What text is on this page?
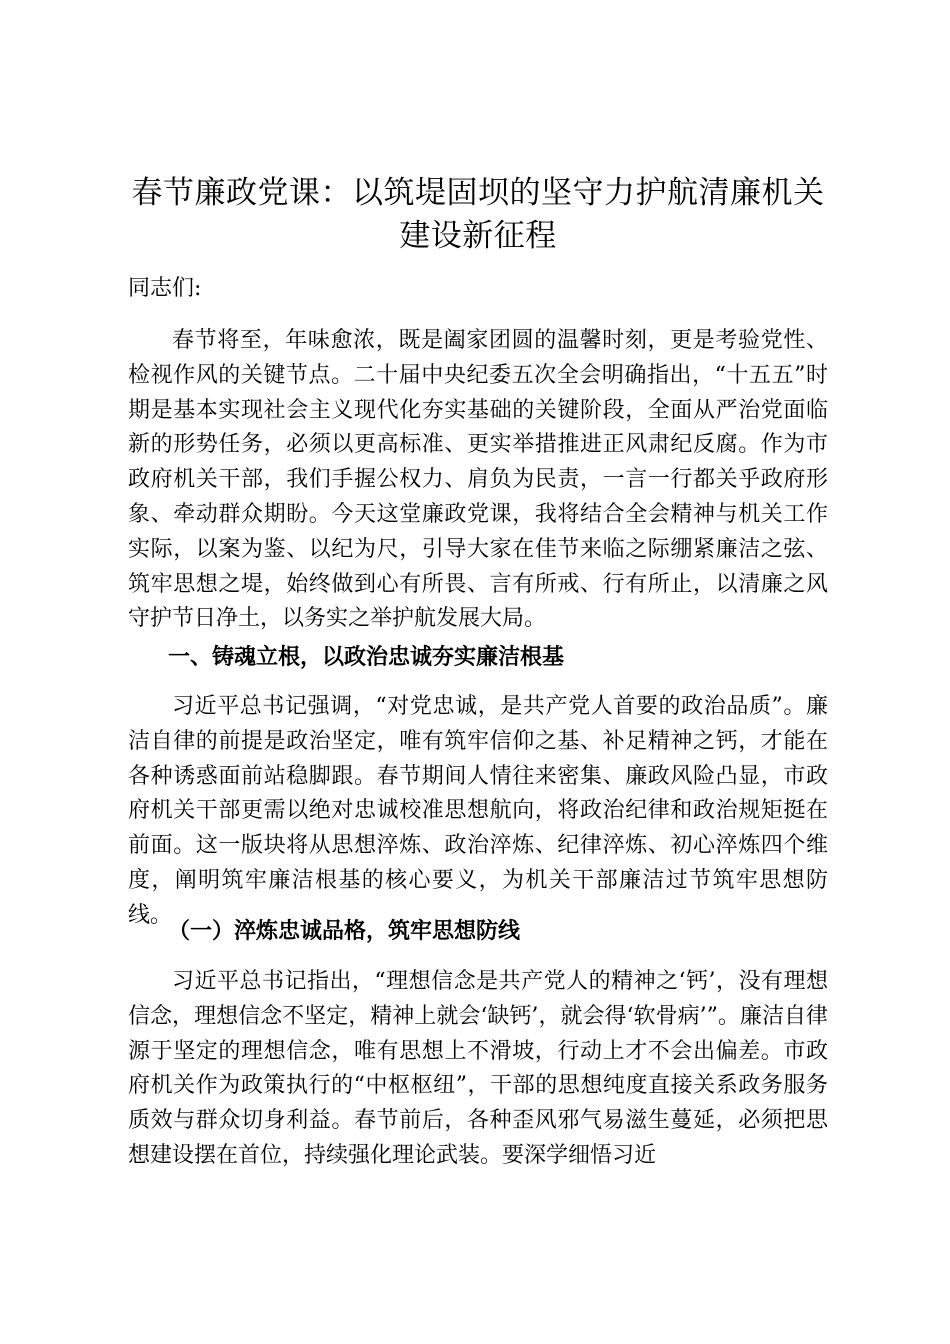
春节廉政党课：以筑堤固坝的坚守力护航清廉机关建设新征程

同志们:

春节将至，年味愈浓，既是阖家团圆的温馨时刻，更是考验党性、检视作风的关键节点。二十届中央纪委五次全会明确指出，“十五五”时期是基本实现社会主义现代化夯实基础的关键阶段，全面从严治党面临新的形势任务，必须以更高标准、更实举措推进正风肃纪反腐。作为市政府机关干部，我们手握公权力、肩负为民责，一言一行都关乎政府形象、牵动群众期盼。今天这堂廉政党课，我将结合全会精神与机关工作实际，以案为鉴、以纪为尺，引导大家在佳节来临之际绷紧廉洁之弦、筑牢思想之堤，始终做到心有所畏、言有所戒、行有所止，以清廉之风守护节日净土，以务实之举护航发展大局。

一、铸魂立根，以政治忠诚夯实廉洁根基

习近平总书记强调，“对党忠诚，是共产党人首要的政治品质”。廉洁自律的前提是政治坚定，唯有筑牢信仰之基、补足精神之钙，才能在各种诱惑面前站稳脚跟。春节期间人情往来密集、廉政风险凸显，市政府机关干部更需以绝对忠诚校准思想航向，将政治纪律和政治规矩挺在前面。这一版块将从思想淬炼、政治淬炼、纪律淬炼、初心淬炼四个维度，阐明筑牢廉洁根基的核心要义，为机关干部廉洁过节筑牢思想防线。

（一）淬炼忠诚品格，筑牢思想防线

习近平总书记指出，“理想信念是共产党人的精神之‘钙’，没有理想信念，理想信念不坚定，精神上就会‘缺钙’，就会得‘软骨病’”。廉洁自律源于坚定的理想信念，唯有思想上不滑坡，行动上才不会出偏差。市政府机关作为政策执行的“中枢枢纽”，干部的思想纯度直接关系政务服务质效与群众切身利益。春节前后，各种歪风邪气易滋生蔓延，必须把思想建设摆在首位，持续强化理论武装。要深学细悟习近
